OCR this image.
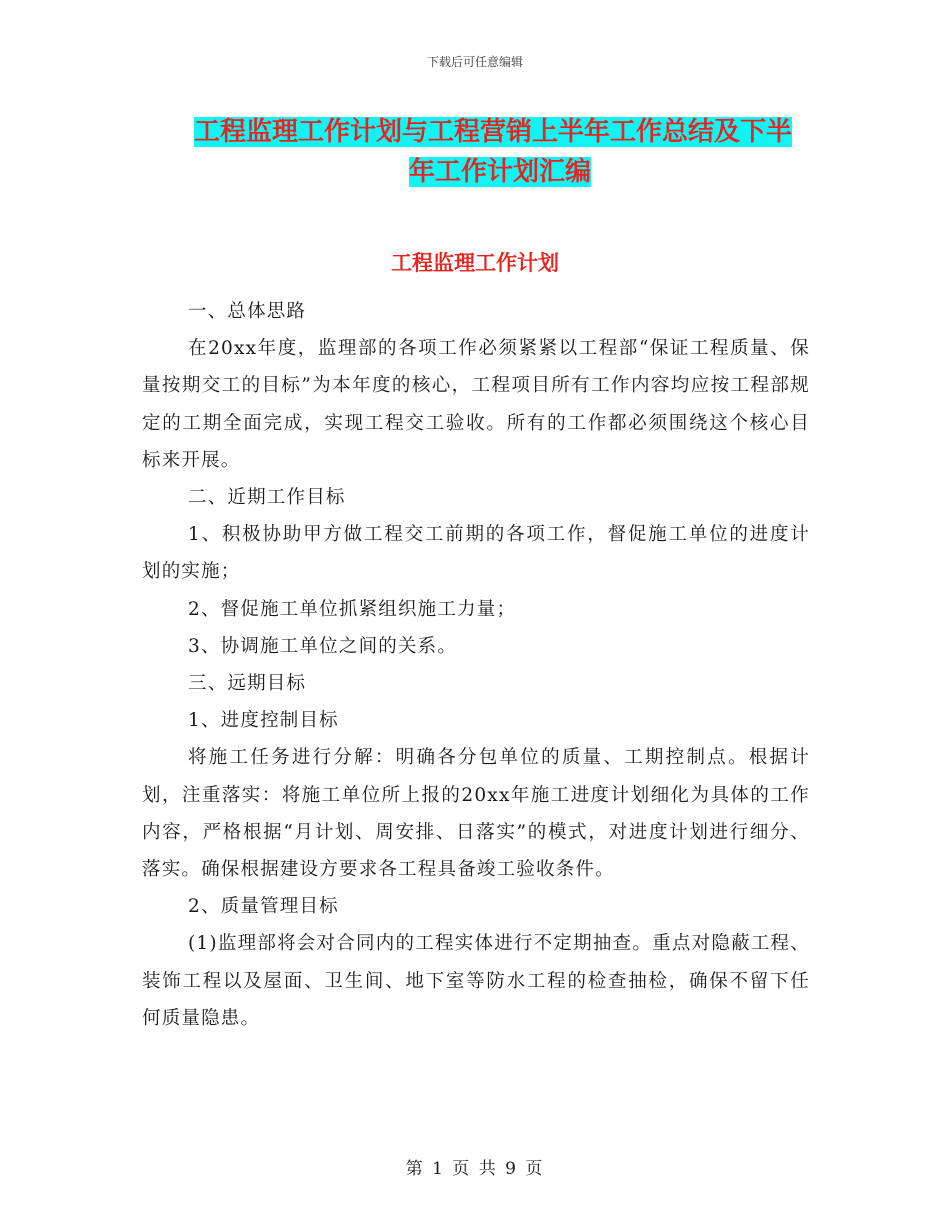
下载后可任意编辑
工程监理工作计划与工程营销上半年工作总结及下半
年工作计划汇编
工程监理工作计划

一、总体思路

在20xx年度，监理部的各项工作必须紧紧以工程部“保证工程质量、保量按期交工的目标”为本年度的核心，工程项目所有工作内容均应按工程部规定的工期全面完成，实现工程交工验收。所有的工作都必须围绕这个核心目标来开展。

二、近期工作目标

1、积极协助甲方做工程交工前期的各项工作，督促施工单位的进度计划的实施；

2、督促施工单位抓紧组织施工力量；

3、协调施工单位之间的关系。

三、远期目标

1、进度控制目标

将施工任务进行分解：明确各分包单位的质量、工期控制点。根据计划，注重落实：将施工单位所上报的20xx年施工进度计划细化为具体的工作内容，严格根据“月计划、周安排、日落实”的模式，对进度计划进行细分、落实。确保根据建设方要求各工程具备竣工验收条件。

2、质量管理目标

(1)监理部将会对合同内的工程实体进行不定期抽查。重点对隐蔽工程、装饰工程以及屋面、卫生间、地下室等防水工程的检查抽检，确保不留下任何质量隐患。

第 1 页 共 9 页
